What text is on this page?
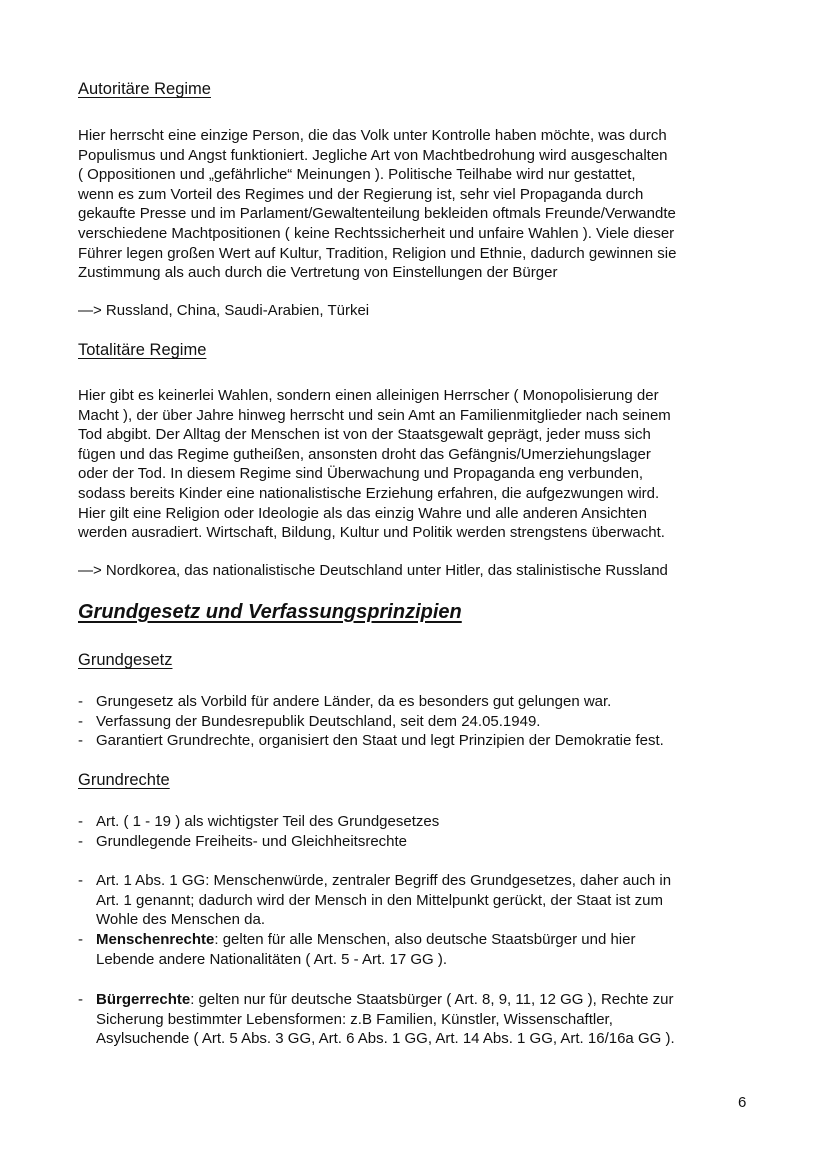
Autoritäre Regime
Hier herrscht eine einzige Person, die das Volk unter Kontrolle haben möchte, was durch
Populismus und Angst funktioniert. Jegliche Art von Machtbedrohung wird ausgeschalten
( Oppositionen und „gefährliche“ Meinungen ). Politische Teilhabe wird nur gestattet,
wenn es zum Vorteil des Regimes und der Regierung ist, sehr viel Propaganda durch
gekaufte Presse und im Parlament/Gewaltenteilung bekleiden oftmals Freunde/Verwandte
verschiedene Machtpositionen ( keine Rechtssicherheit und unfaire Wahlen ). Viele dieser
Führer legen großen Wert auf Kultur, Tradition, Religion und Ethnie, dadurch gewinnen sie
Zustimmung als auch durch die Vertretung von Einstellungen der Bürger
—> Russland, China, Saudi-Arabien, Türkei
Totalitäre Regime
Hier gibt es keinerlei Wahlen, sondern einen alleinigen Herrscher ( Monopolisierung der
Macht ), der über Jahre hinweg herrscht und sein Amt an Familienmitglieder nach seinem
Tod abgibt. Der Alltag der Menschen ist von der Staatsgewalt geprägt, jeder muss sich
fügen und das Regime gutheißen, ansonsten droht das Gefängnis/Umerziehungslager
oder der Tod. In diesem Regime sind Überwachung und Propaganda eng verbunden,
sodass bereits Kinder eine nationalistische Erziehung erfahren, die aufgezwungen wird.
Hier gilt eine Religion oder Ideologie als das einzig Wahre und alle anderen Ansichten
werden ausradiert. Wirtschaft, Bildung, Kultur und Politik werden strengstens überwacht.
—> Nordkorea, das nationalistische Deutschland unter Hitler, das stalinistische Russland
Grundgesetz und Verfassungsprinzipien
Grundgesetz
- Grungesetz als Vorbild für andere Länder, da es besonders gut gelungen war.
- Verfassung der Bundesrepublik Deutschland, seit dem 24.05.1949.
- Garantiert Grundrechte, organisiert den Staat und legt Prinzipien der Demokratie fest.
Grundrechte
- Art. ( 1 - 19 ) als wichtigster Teil des Grundgesetzes
- Grundlegende Freiheits- und Gleichheitsrechte
- Art. 1 Abs. 1 GG: Menschenwürde, zentraler Begriff des Grundgesetzes, daher auch in
Art. 1 genannt; dadurch wird der Mensch in den Mittelpunkt gerückt, der Staat ist zum
Wohle des Menschen da.
- Menschenrechte: gelten für alle Menschen, also deutsche Staatsbürger und hier
Lebende andere Nationalitäten ( Art. 5 - Art. 17 GG ).
- Bürgerrechte: gelten nur für deutsche Staatsbürger ( Art. 8, 9, 11, 12 GG ), Rechte zur
Sicherung bestimmter Lebensformen: z.B Familien, Künstler, Wissenschaftler,
Asylsuchende ( Art. 5 Abs. 3 GG, Art. 6 Abs. 1 GG, Art. 14 Abs. 1 GG, Art. 16/16a GG ).
6
